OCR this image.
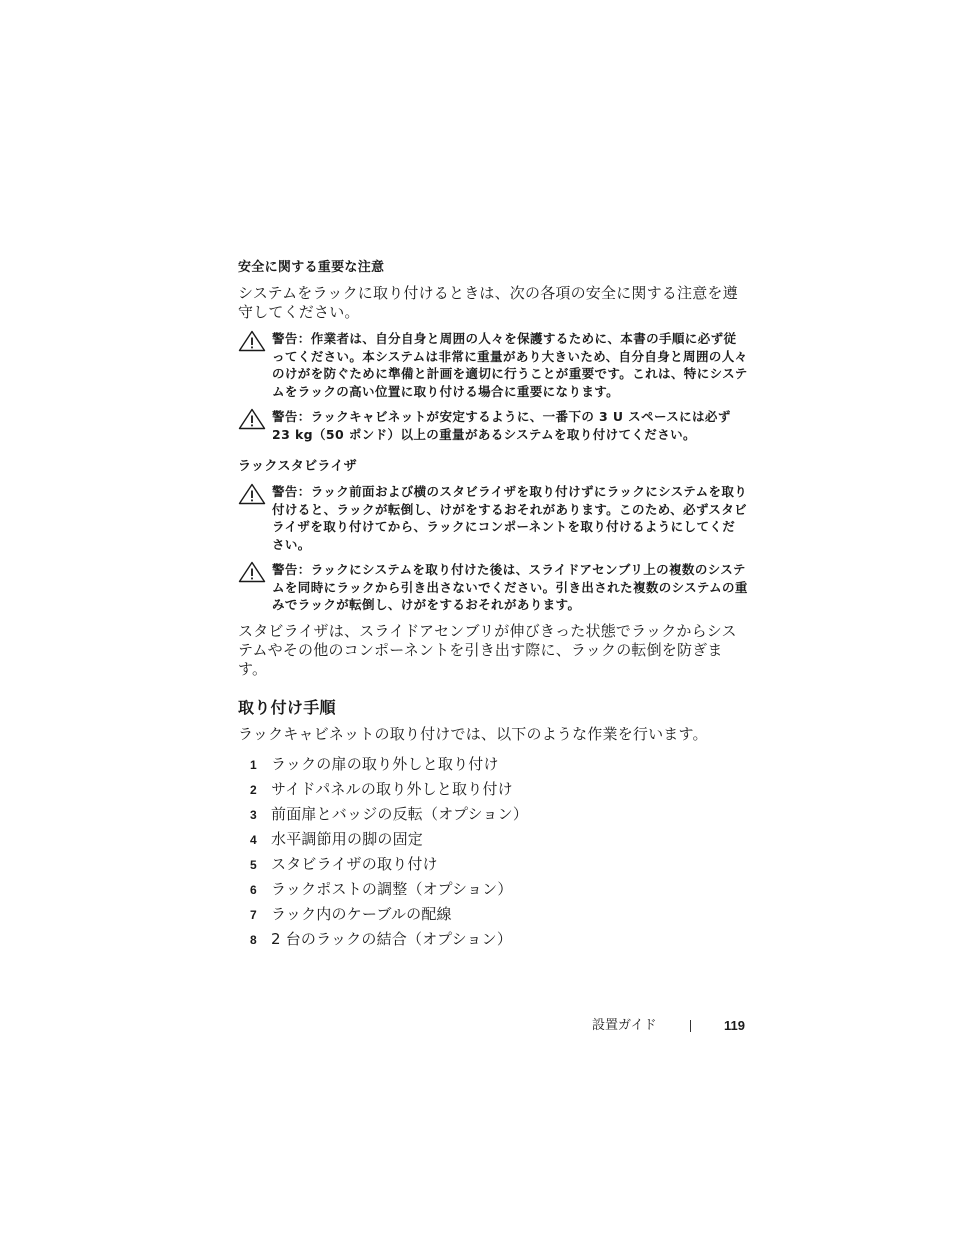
安全に関する重要な注意

システムをラックに取り付けるときは、次の各項の安全に関する注意を遵守してください。

警告：作業者は、自分自身と周囲の人々を保護するために、本書の手順に必ず従ってください。本システムは非常に重量があり大きいため、自分自身と周囲の人々のけがを防ぐために準備と計画を適切に行うことが重要です。これは、特にシステムをラックの高い位置に取り付ける場合に重要になります。
警告：ラックキャビネットが安定するように、一番下の 3 U スペースには必ず 23 kg（50 ポンド）以上の重量があるシステムを取り付けてください。
ラックスタビライザ
警告：ラック前面および横のスタビライザを取り付けずにラックにシステムを取り付けると、ラックが転倒し、けがをするおそれがあります。このため、必ずスタビライザを取り付けてから、ラックにコンポーネントを取り付けるようにしてください。
警告：ラックにシステムを取り付けた後は、スライドアセンブリ上の複数のシステムを同時にラックから引き出さないでください。引き出された複数のシステムの重みでラックが転倒し、けがをするおそれがあります。

スタビライザは、スライドアセンブリが伸びきった状態でラックからシステムやその他のコンポーネントを引き出す際に、ラックの転倒を防ぎます。

取り付け手順

ラックキャビネットの取り付けでは、以下のような作業を行います。

1 ラックの扉の取り外しと取り付け
2 サイドパネルの取り外しと取り付け
3 前面扉とバッジの反転（オプション）
4 水平調節用の脚の固定
5 スタビライザの取り付け
6 ラックポストの調整（オプション）
7 ラック内のケーブルの配線
8 2 台のラックの結合（オプション）
設置ガイド	119
